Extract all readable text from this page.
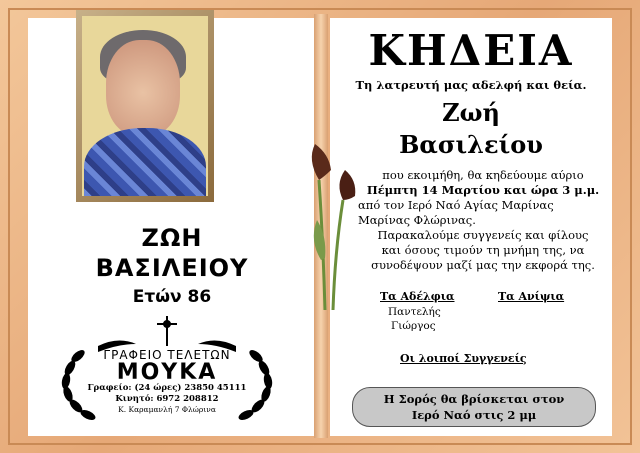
ΖΩΗ
ΒΑΣΙΛΕΙΟΥ
Ετών 86
ΓΡΑΦΕΙΟ ΤΕΛΕΤΩΝ
ΜΟΥΚΑ
Γραφείο: (24 ώρες) 23850 45111
Κινητό: 6972 208812
Κ. Καραμανλή 7 Φλώρινα
ΚΗΔΕΙΑ
Τη λατρευτή μας αδελφή και θεία.
Ζωή
Βασιλείου

που εκοιμήθη, θα κηδεύουμε αύριο

Πέμπτη 14 Μαρτίου και ώρα 3 μ.μ.

από τον Ιερό Ναό Αγίας Μαρίνας

Μαρίνας Φλώρινας.

Παρακαλούμε συγγενείς και φίλους

και όσους τιμούν τη μνήμη της, να

συνοδέψουν μαζί μας την εκφορά της.

Τα Αδέλφια
Παντελής
Γιώργος
Τα Ανίψια
Οι λοιποί Συγγενείς
Η Σορός θα βρίσκεται στον
Ιερό Ναό στις 2 μμ
